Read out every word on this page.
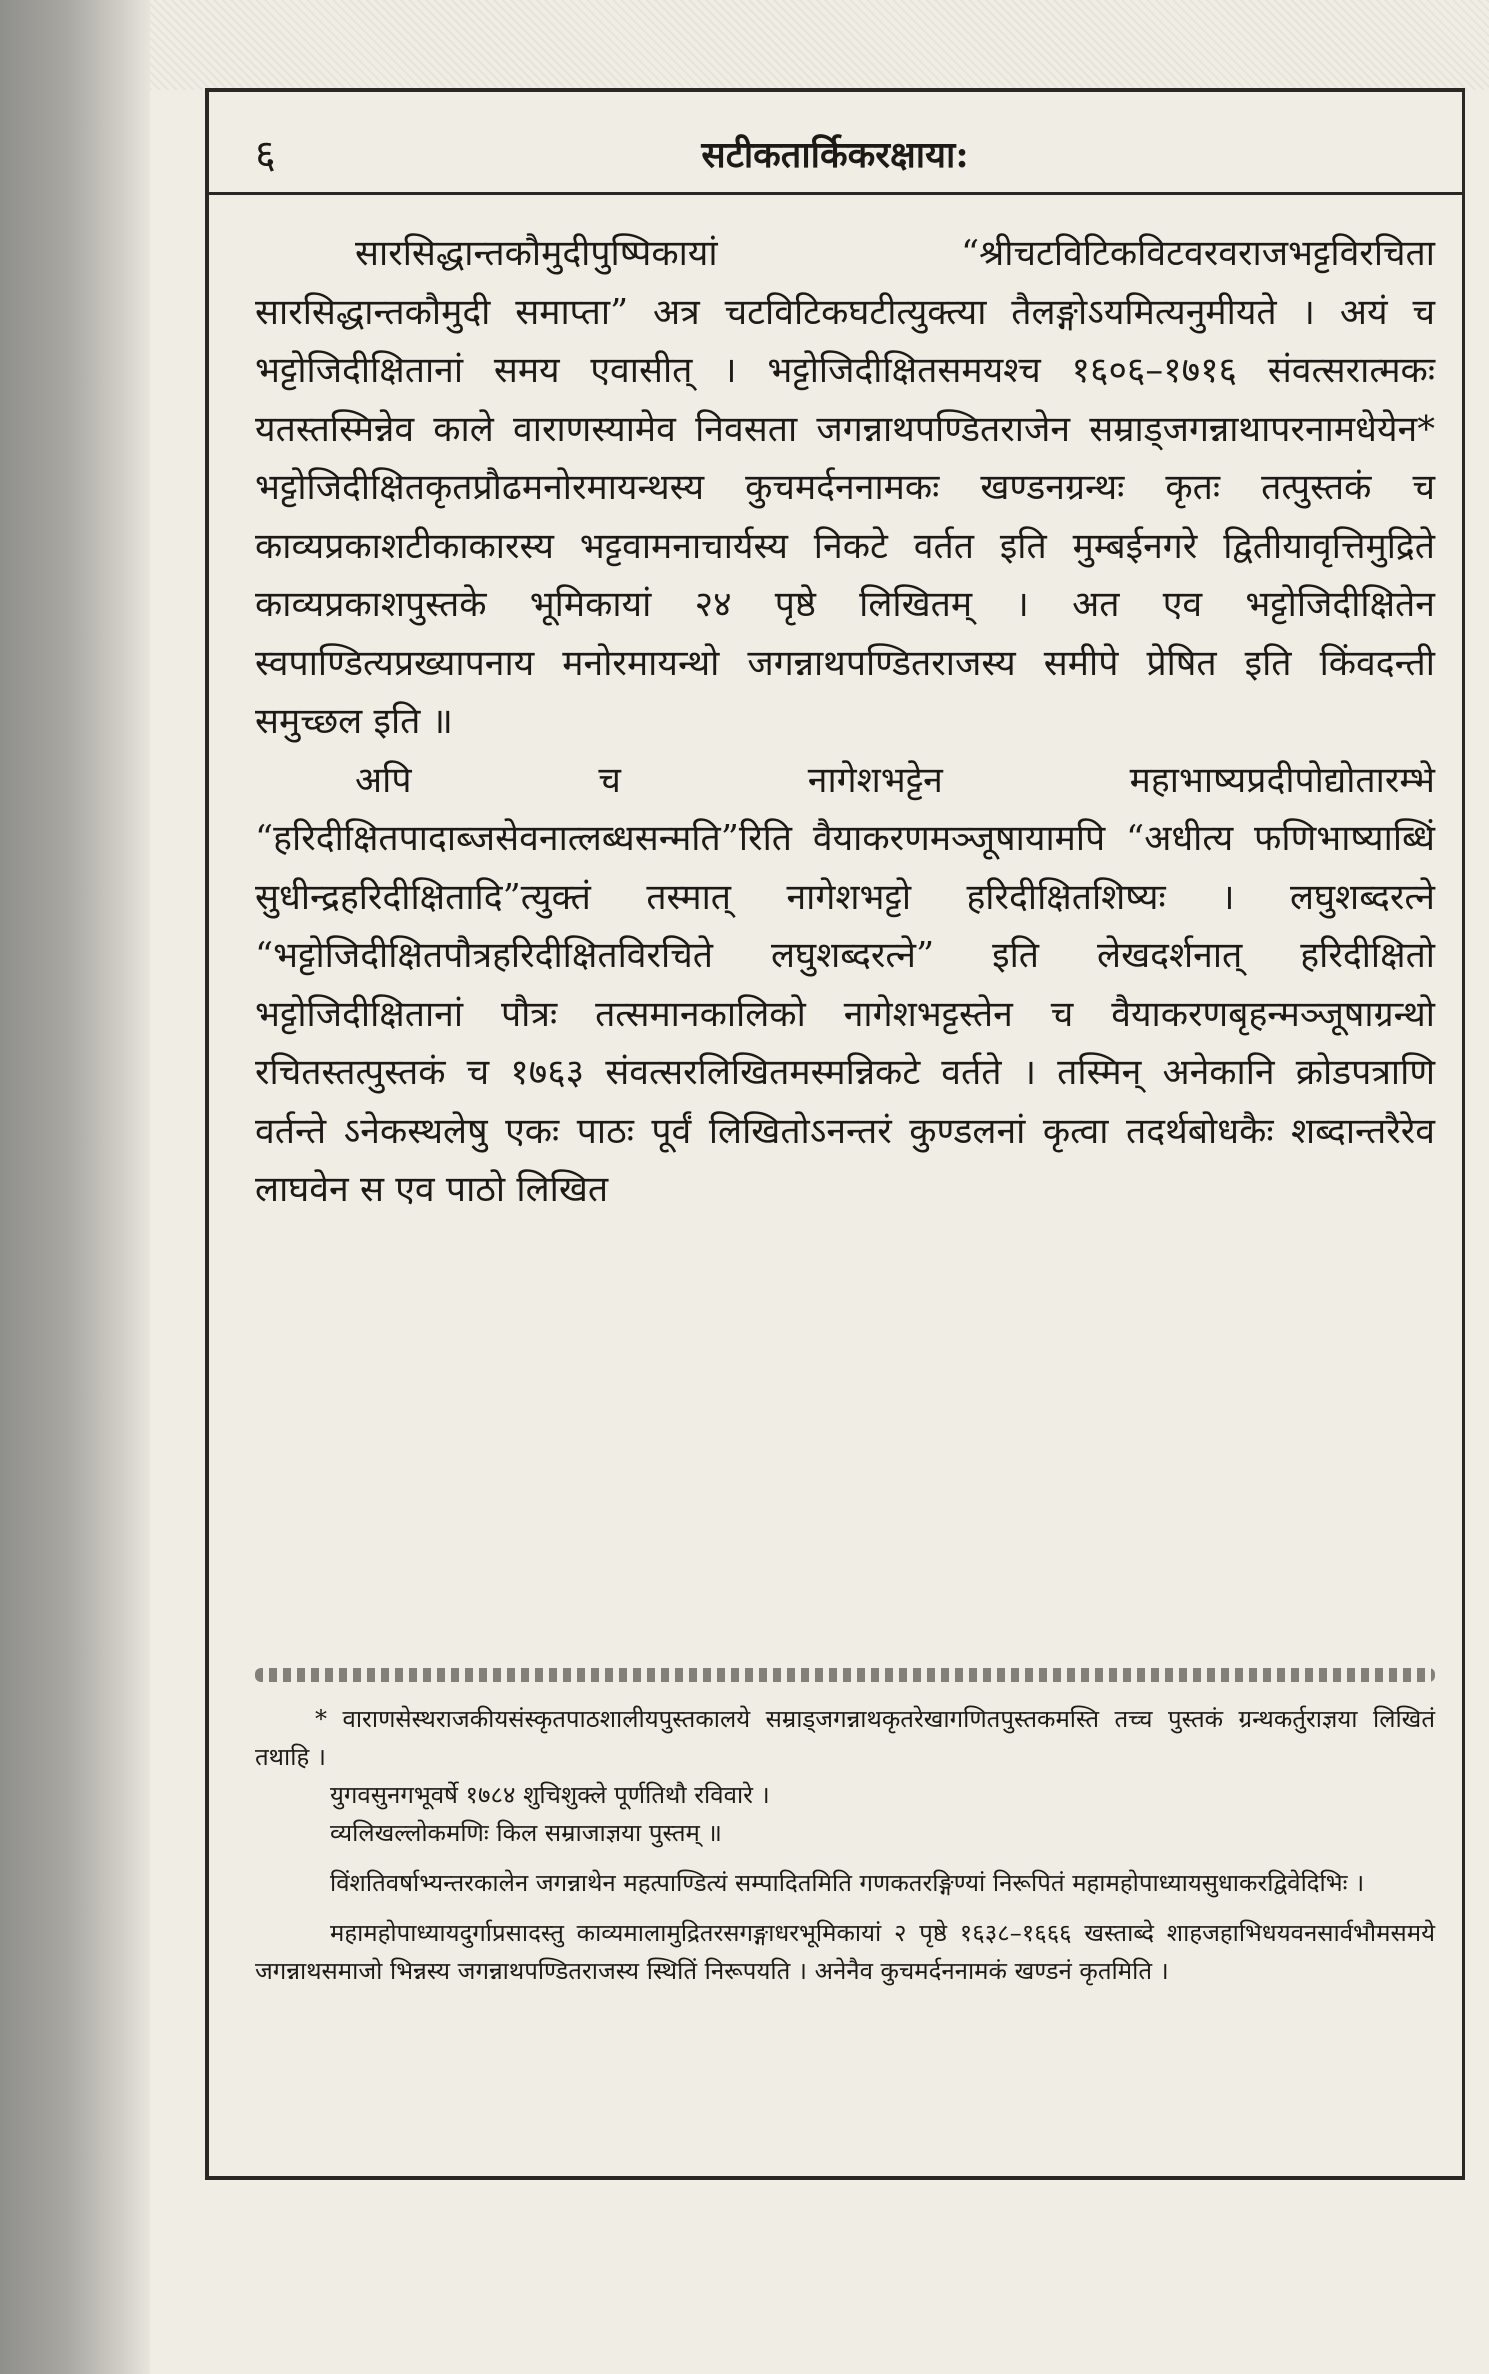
६	सटीकतार्किकरक्षाया:

सारसिद्धान्तकौमुदीपुष्पिकायां “श्रीचटविटिकविटवरवराजभट्टविरचिता सारसिद्धान्तकौमुदी समाप्ता” अत्र चटविटिकघटीत्युक्त्या तैलङ्गोऽयमित्यनुमीयते । अयं च भट्टोजिदीक्षितानां समय एवासीत् । भट्टोजिदीक्षितसमयश्च १६०६–१७१६ संवत्सरात्मकः यतस्तस्मिन्नेव काले वाराणस्यामेव निवसता जगन्नाथपण्डितराजेन सम्राड्जगन्नाथापरनामधेयेन* भट्टोजिदीक्षितकृतप्रौढमनोरमायन्थस्य कुचमर्दननामकः खण्डनग्रन्थः कृतः तत्पुस्तकं च काव्यप्रकाशटीकाकारस्य भट्टवामनाचार्यस्य निकटे वर्तत इति मुम्बईनगरे द्वितीयावृत्तिमुद्रिते काव्यप्रकाशपुस्तके भूमिकायां २४ पृष्ठे लिखितम् । अत एव भट्टोजिदीक्षितेन स्वपाण्डित्यप्रख्यापनाय मनोरमायन्थो जगन्नाथपण्डितराजस्य समीपे प्रेषित इति किंवदन्ती समुच्छल इति ॥

अपि च नागेशभट्टेन महाभाष्यप्रदीपोद्योतारम्भे “हरिदीक्षितपादाब्जसेवनात्लब्धसन्मति”रिति वैयाकरणमञ्जूषायामपि “अधीत्य फणिभाष्याब्धिं सुधीन्द्रहरिदीक्षितादि”त्युक्तं तस्मात् नागेशभट्टो हरिदीक्षितशिष्यः । लघुशब्दरत्ने “भट्टोजिदीक्षितपौत्रहरिदीक्षितविरचिते लघुशब्दरत्ने” इति लेखदर्शनात् हरिदीक्षितो भट्टोजिदीक्षितानां पौत्रः तत्समानकालिको नागेशभट्टस्तेन च वैयाकरणबृहन्मञ्जूषाग्रन्थो रचितस्तत्पुस्तकं च १७६३ संवत्सरलिखितमस्मन्निकटे वर्तते । तस्मिन् अनेकानि क्रोडपत्राणि वर्तन्ते ऽनेकस्थलेषु एकः पाठः पूर्वं लिखितोऽनन्तरं कुण्डलनां कृत्वा तदर्थबोधकैः शब्दान्तरैरेव लाघवेन स एव पाठो लिखित

* वाराणसेस्थराजकीयसंस्कृतपाठशालीयपुस्तकालये सम्राड्जगन्नाथकृतरेखागणितपुस्तकमस्ति तच्च पुस्तकं ग्रन्थकर्तुराज्ञया लिखितं तथाहि ।

युगवसुनगभूवर्षे १७८४ शुचिशुक्ले पूर्णतिथौ रविवारे ।

व्यलिखल्लोकमणिः किल सम्राजाज्ञया पुस्तम् ॥

विंशतिवर्षाभ्यन्तरकालेन जगन्नाथेन महत्पाण्डित्यं सम्पादितमिति गणकतरङ्गिण्यां निरूपितं महामहोपाध्यायसुधाकरद्विवेदिभिः ।

महामहोपाध्यायदुर्गाप्रसादस्तु काव्यमालामुद्रितरसगङ्गाधरभूमिकायां २ पृष्ठे १६३८–१६६६ खस्ताब्दे शाहजहाभिधयवनसार्वभौमसमये जगन्नाथसमाजो भिन्नस्य जगन्नाथपण्डितराजस्य स्थितिं निरूपयति । अनेनैव कुचमर्दननामकं खण्डनं कृतमिति ।
